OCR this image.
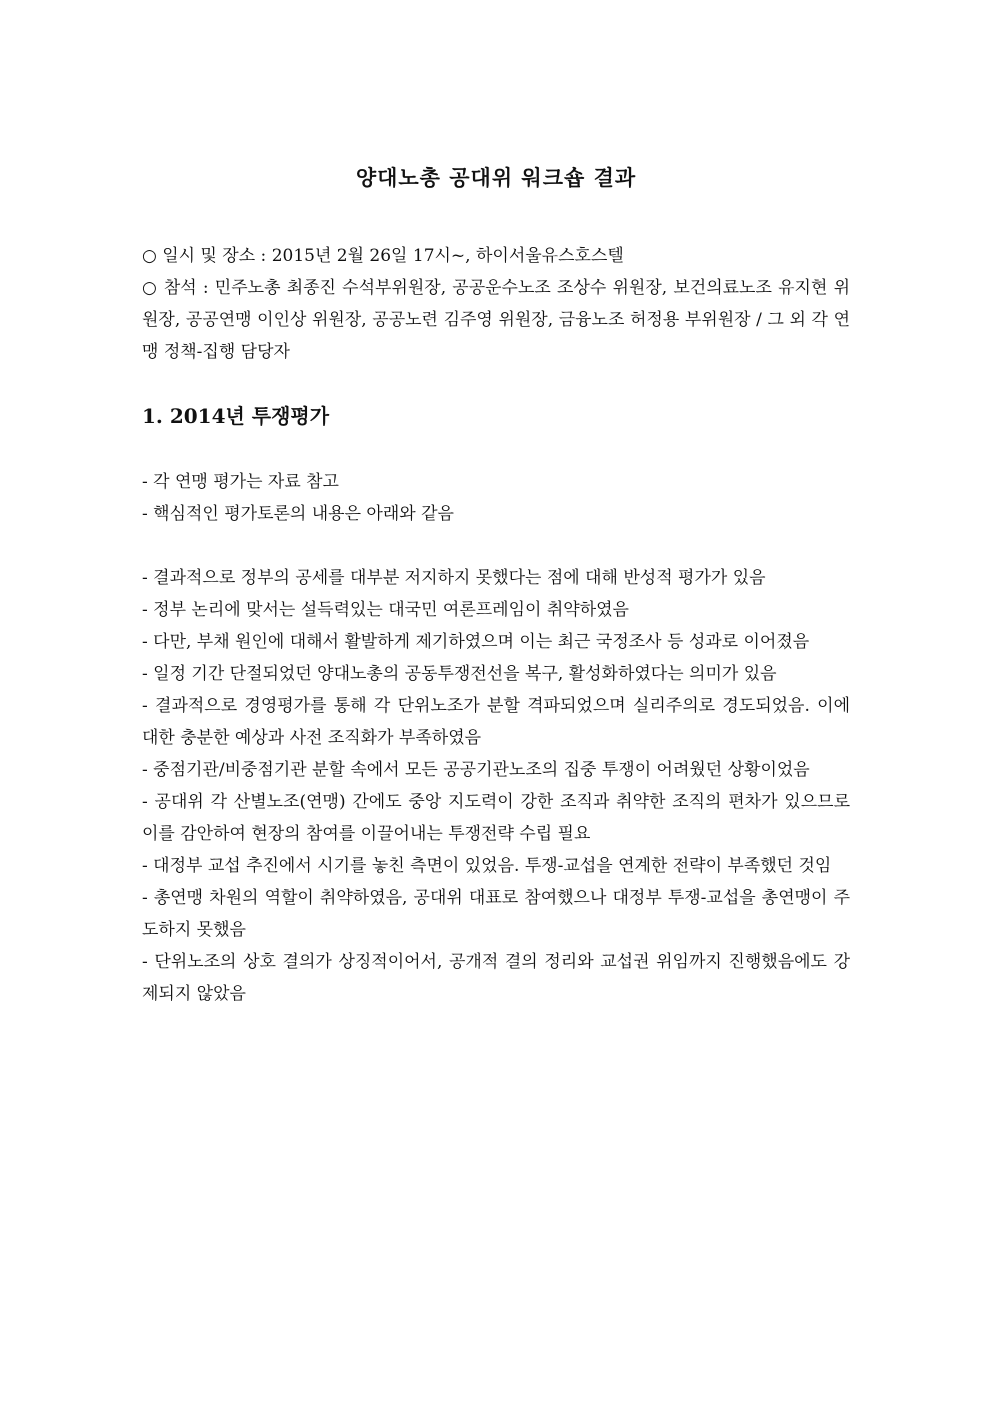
양대노총 공대위 워크숍 결과

○ 일시 및 장소 : 2015년 2월 26일 17시~, 하이서울유스호스텔

○ 참석 : 민주노총 최종진 수석부위원장, 공공운수노조 조상수 위원장, 보건의료노조 유지현 위원장, 공공연맹 이인상 위원장, 공공노련 김주영 위원장, 금융노조 허정용 부위원장 / 그 외 각 연맹 정책-집행 담당자

1. 2014년 투쟁평가

- 각 연맹 평가는 자료 참고

- 핵심적인 평가토론의 내용은 아래와 같음

- 결과적으로 정부의 공세를 대부분 저지하지 못했다는 점에 대해 반성적 평가가 있음

- 정부 논리에 맞서는 설득력있는 대국민 여론프레임이 취약하였음

- 다만, 부채 원인에 대해서 활발하게 제기하였으며 이는 최근 국정조사 등 성과로 이어졌음

- 일정 기간 단절되었던 양대노총의 공동투쟁전선을 복구, 활성화하였다는 의미가 있음

- 결과적으로 경영평가를 통해 각 단위노조가 분할 격파되었으며 실리주의로 경도되었음. 이에 대한 충분한 예상과 사전 조직화가 부족하였음

- 중점기관/비중점기관 분할 속에서 모든 공공기관노조의 집중 투쟁이 어려웠던 상황이었음

- 공대위 각 산별노조(연맹) 간에도 중앙 지도력이 강한 조직과 취약한 조직의 편차가 있으므로 이를 감안하여 현장의 참여를 이끌어내는 투쟁전략 수립 필요

- 대정부 교섭 추진에서 시기를 놓친 측면이 있었음. 투쟁-교섭을 연계한 전략이 부족했던 것임

- 총연맹 차원의 역할이 취약하였음, 공대위 대표로 참여했으나 대정부 투쟁-교섭을 총연맹이 주도하지 못했음

- 단위노조의 상호 결의가 상징적이어서, 공개적 결의 정리와 교섭권 위임까지 진행했음에도 강제되지 않았음
